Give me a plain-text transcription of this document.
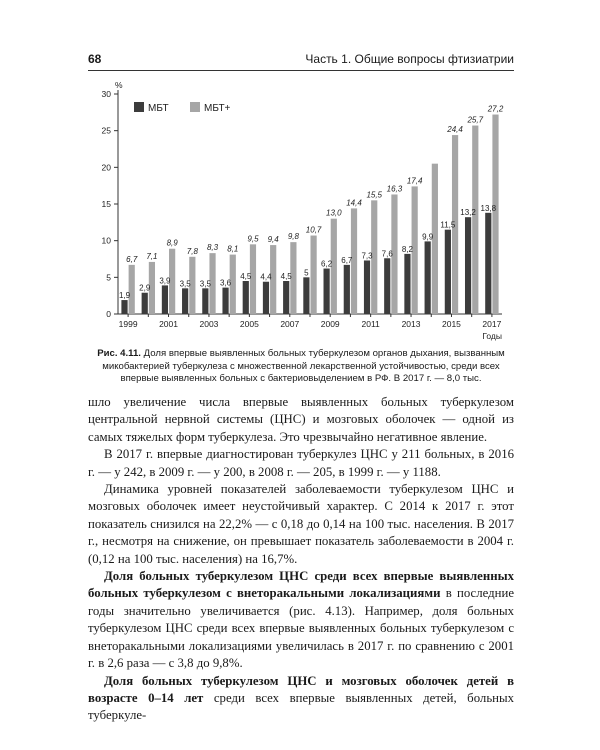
68	Часть 1. Общие вопросы фтизиатрии
0
5
10
15
20
25
30
%
1,9
6,7
2,9
7,1
3,9
8,9
3,5
7,8
3,5
8,3
3,6
8,1
4,5
9,5
4,4
9,4
4,5
9,8
5
10,7
6,2
13,0
6,7
14,4
7,3
15,5
7,6
16,3
8,2
17,4
9,9
11,5
24,4
13,2
25,7
13,8
27,2
1999	2001	2003	2005	2007	2009	2011	2013	2015	2017
Годы
МБТ	МБТ+
Рис. 4.11. Доля впервые выявленных больных туберкулезом органов дыхания, вызванным микобактерией туберкулеза с множественной лекарственной устойчивостью, среди всех впервые выявленных больных с бактериовыделением в РФ. В 2017 г. — 8,0 тыс.

шло увеличение числа впервые выявленных больных туберкулезом центральной нервной системы (ЦНС) и мозговых оболочек — одной из самых тяжелых форм туберкулеза. Это чрезвычайно негативное явление.

В 2017 г. впервые диагностирован туберкулез ЦНС у 211 больных, в 2016 г. — у 242, в 2009 г. — у 200, в 2008 г. — 205, в 1999 г. — у 1188.

Динамика уровней показателей заболеваемости туберкулезом ЦНС и мозговых оболочек имеет неустойчивый характер. С 2014 к 2017 г. этот показатель снизился на 22,2% — с 0,18 до 0,14 на 100 тыс. населения. В 2017 г., несмотря на снижение, он превышает показатель заболеваемости в 2004 г. (0,12 на 100 тыс. населения) на 16,7%.

Доля больных туберкулезом ЦНС среди всех впервые выявленных больных туберкулезом с внеторакальными локализациями в последние годы значительно увеличивается (рис. 4.13). Например, доля больных туберкулезом ЦНС среди всех впервые выявленных больных туберкулезом с внеторакальными локализациями увеличилась в 2017 г. по сравнению с 2001 г. в 2,6 раза — с 3,8 до 9,8%.

Доля больных туберкулезом ЦНС и мозговых оболочек детей в возрасте 0–14 лет среди всех впервые выявленных детей, больных туберкуле-
